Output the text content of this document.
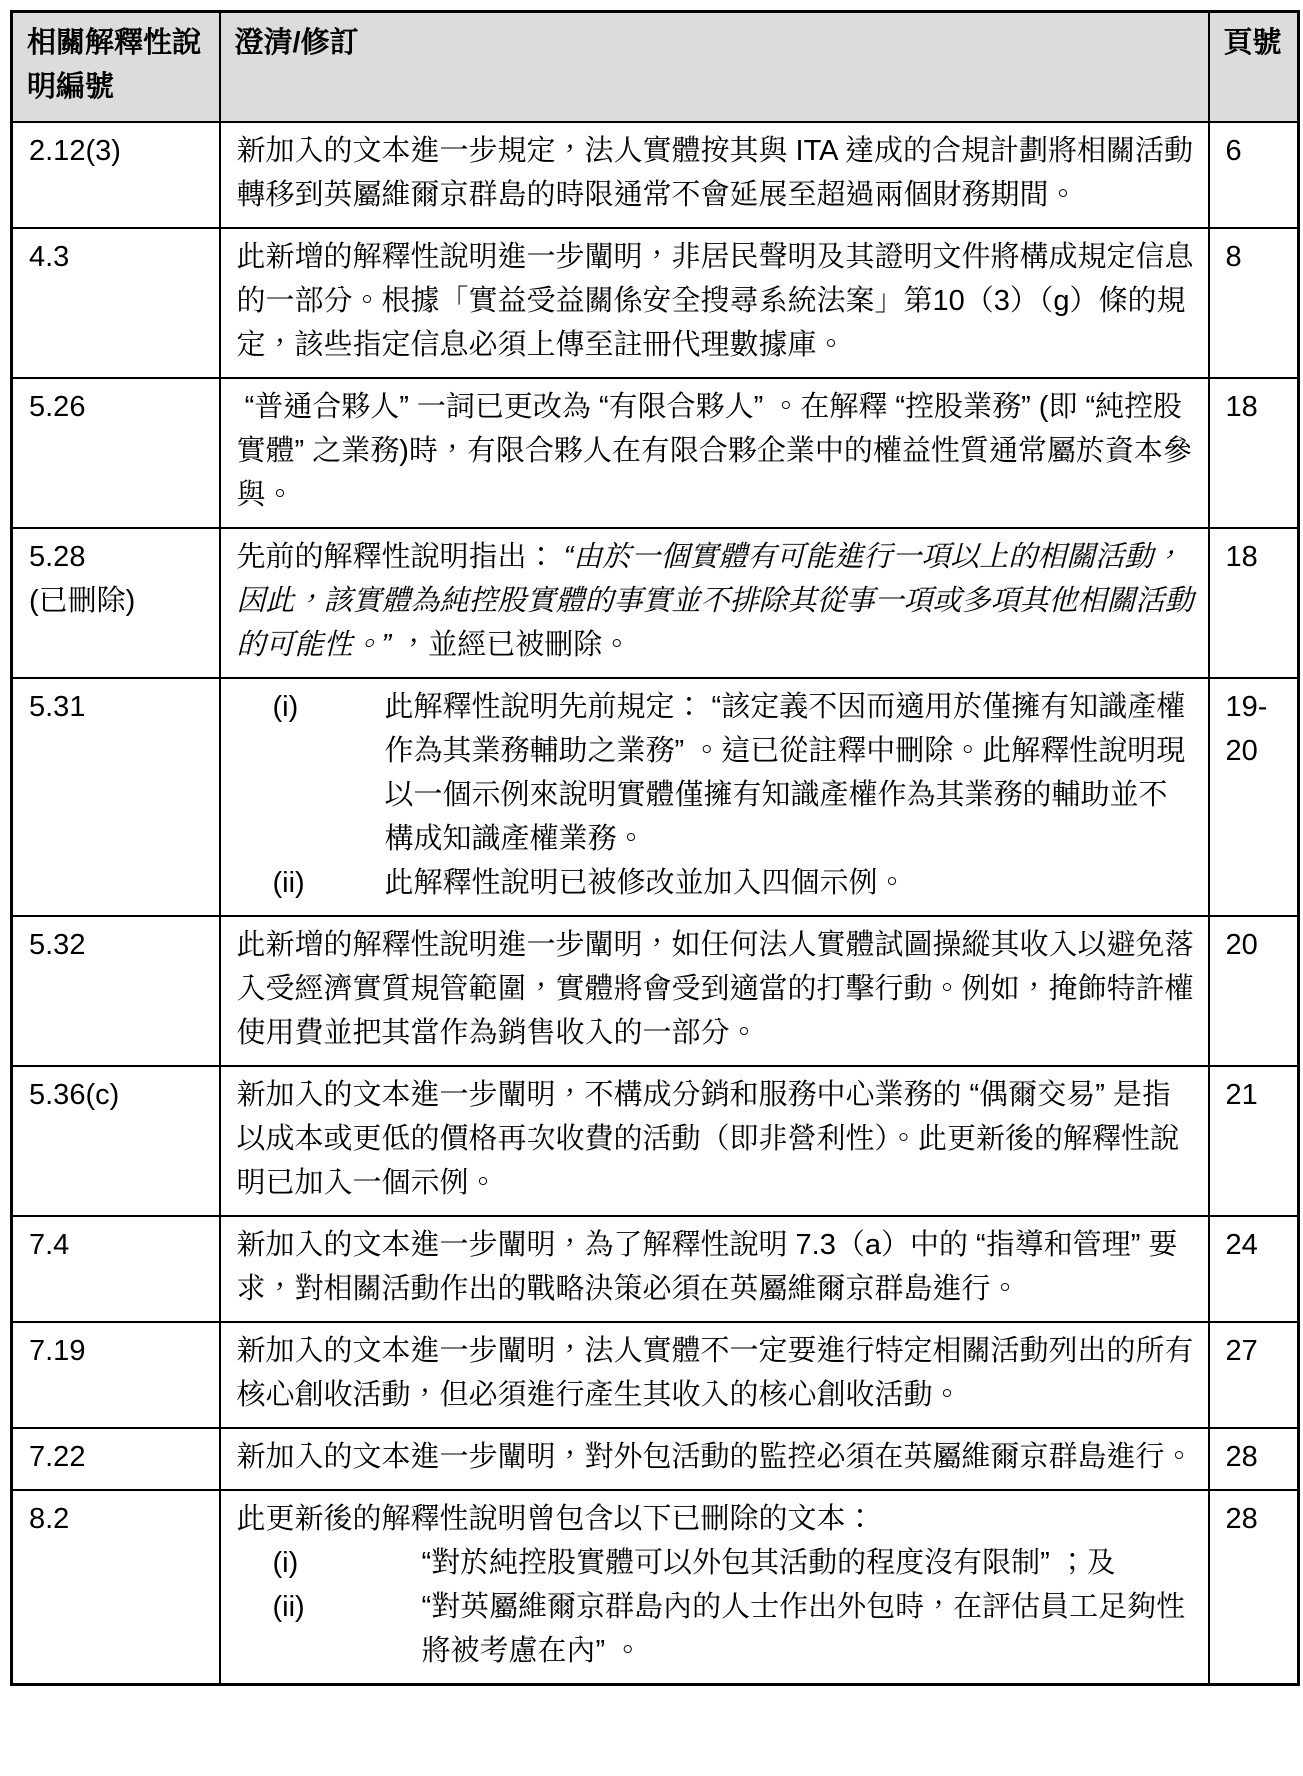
相關解釋性說明編號	澄清/修訂	頁號

2.12(3)	新加入的文本進一步規定，法人實體按其與 ITA 達成的合規計劃將相關活動轉移到英屬維爾京群島的時限通常不會延展至超過兩個財務期間。	6

4.3	此新增的解釋性說明進一步闡明，非居民聲明及其證明文件將構成規定信息的一部分。根據「實益受益關係安全搜尋系統法案」第10（3）（g）條的規定，該些指定信息必須上傳至註冊代理數據庫。	8

5.26	“普通合夥人” 一詞已更改為 “有限合夥人” 。在解釋 “控股業務” (即 “純控股實體” 之業務)時，有限合夥人在有限合夥企業中的權益性質通常屬於資本參與。	18

5.28
(已刪除)	先前的解釋性說明指出： “由於一個實體有可能進行一項以上的相關活動，因此，該實體為純控股實體的事實並不排除其從事一項或多項其他相關活動的可能性。” ，並經已被刪除。	18

5.31	(i) 此解釋性說明先前規定： “該定義不因而適用於僅擁有知識產權作為其業務輔助之業務” 。這已從註釋中刪除。此解釋性說明現以一個示例來說明實體僅擁有知識產權作為其業務的輔助並不構成知識產權業務。
(ii) 此解釋性說明已被修改並加入四個示例。	19-20

5.32	此新增的解釋性說明進一步闡明，如任何法人實體試圖操縱其收入以避免落入受經濟實質規管範圍，實體將會受到適當的打擊行動。例如，掩飾特許權使用費並把其當作為銷售收入的一部分。	20

5.36(c)	新加入的文本進一步闡明，不構成分銷和服務中心業務的 “偶爾交易” 是指以成本或更低的價格再次收費的活動（即非營利性）。此更新後的解釋性說明已加入一個示例。	21

7.4	新加入的文本進一步闡明，為了解釋性說明 7.3（a）中的 “指導和管理” 要求，對相關活動作出的戰略決策必須在英屬維爾京群島進行。	24

7.19	新加入的文本進一步闡明，法人實體不一定要進行特定相關活動列出的所有核心創收活動，但必須進行產生其收入的核心創收活動。	27

7.22	新加入的文本進一步闡明，對外包活動的監控必須在英屬維爾京群島進行。	28

8.2	此更新後的解釋性說明曾包含以下已刪除的文本：
(i) “對於純控股實體可以外包其活動的程度沒有限制” ；及
(ii) “對英屬維爾京群島內的人士作出外包時，在評估員工足夠性將被考慮在內” 。	28
